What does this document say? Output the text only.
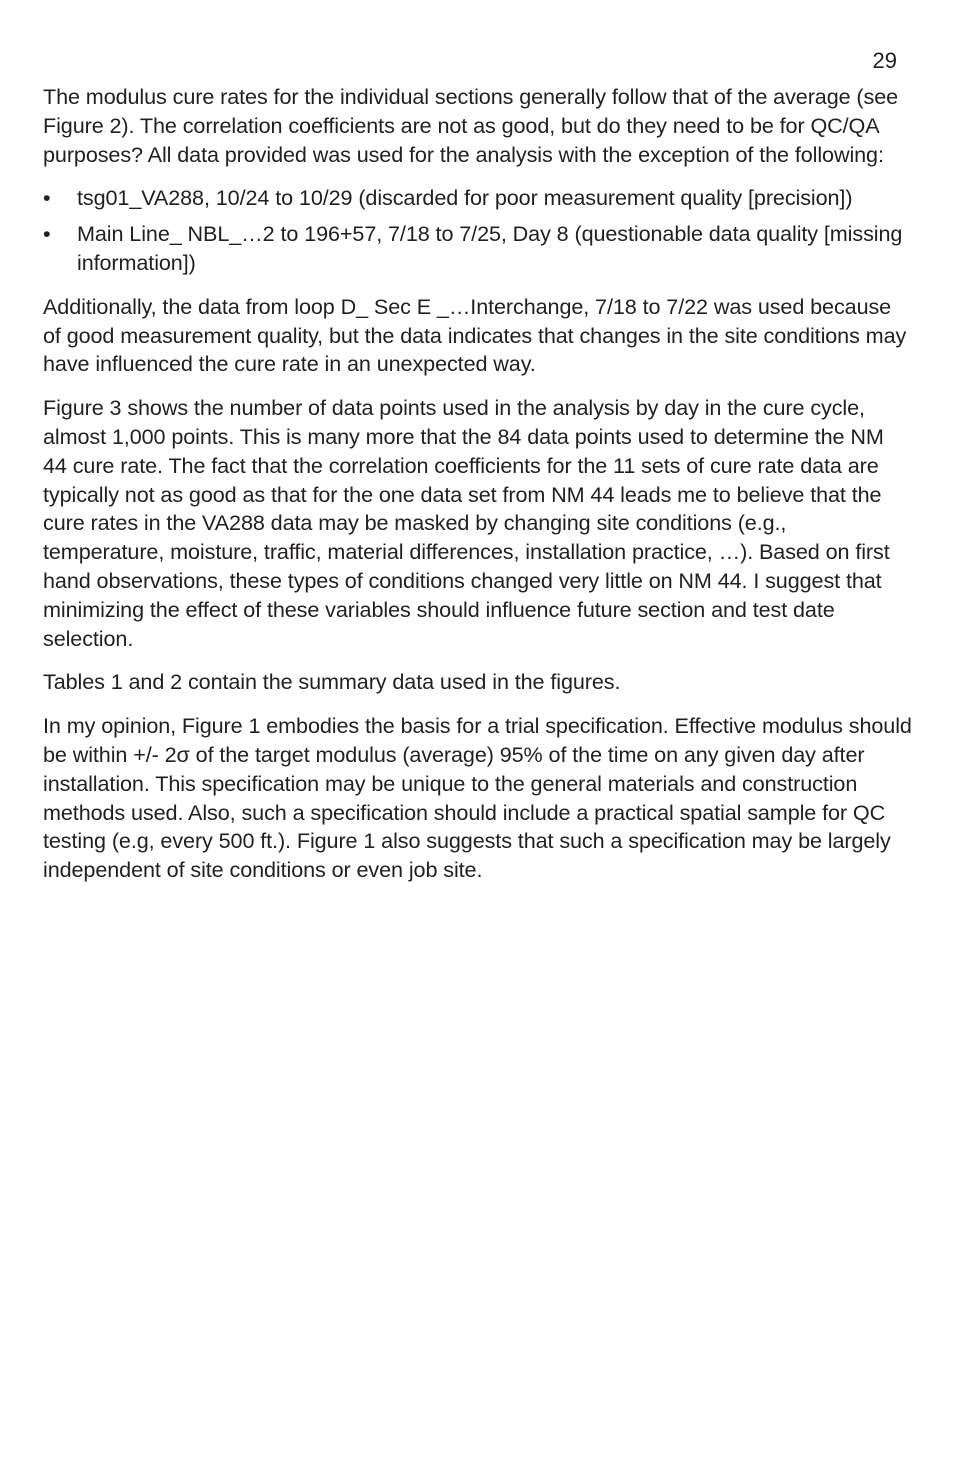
29

The modulus cure rates for the individual sections generally follow that of the average (see Figure 2). The correlation coefficients are not as good, but do they need to be for QC/QA purposes? All data provided was used for the analysis with the exception of the following:

•	tsg01_VA288, 10/24 to 10/29 (discarded for poor measurement quality [precision])
•	Main Line_ NBL_…2 to 196+57, 7/18 to 7/25, Day 8 (questionable data quality [missing information])

Additionally, the data from loop D_ Sec E _…Interchange, 7/18 to 7/22 was used because of good measurement quality, but the data indicates that changes in the site conditions may have influenced the cure rate in an unexpected way.

Figure 3 shows the number of data points used in the analysis by day in the cure cycle, almost 1,000 points. This is many more that the 84 data points used to determine the NM 44 cure rate. The fact that the correlation coefficients for the 11 sets of cure rate data are typically not as good as that for the one data set from NM 44 leads me to believe that the cure rates in the VA288 data may be masked by changing site conditions (e.g., temperature, moisture, traffic, material differences, installation practice, …). Based on first hand observations, these types of conditions changed very little on NM 44. I suggest that minimizing the effect of these variables should influence future section and test date selection.

Tables 1 and 2 contain the summary data used in the figures.

In my opinion, Figure 1 embodies the basis for a trial specification. Effective modulus should be within +/- 2σ of the target modulus (average) 95% of the time on any given day after installation. This specification may be unique to the general materials and construction methods used. Also, such a specification should include a practical spatial sample for QC testing (e.g, every 500 ft.). Figure 1 also suggests that such a specification may be largely independent of site conditions or even job site.
